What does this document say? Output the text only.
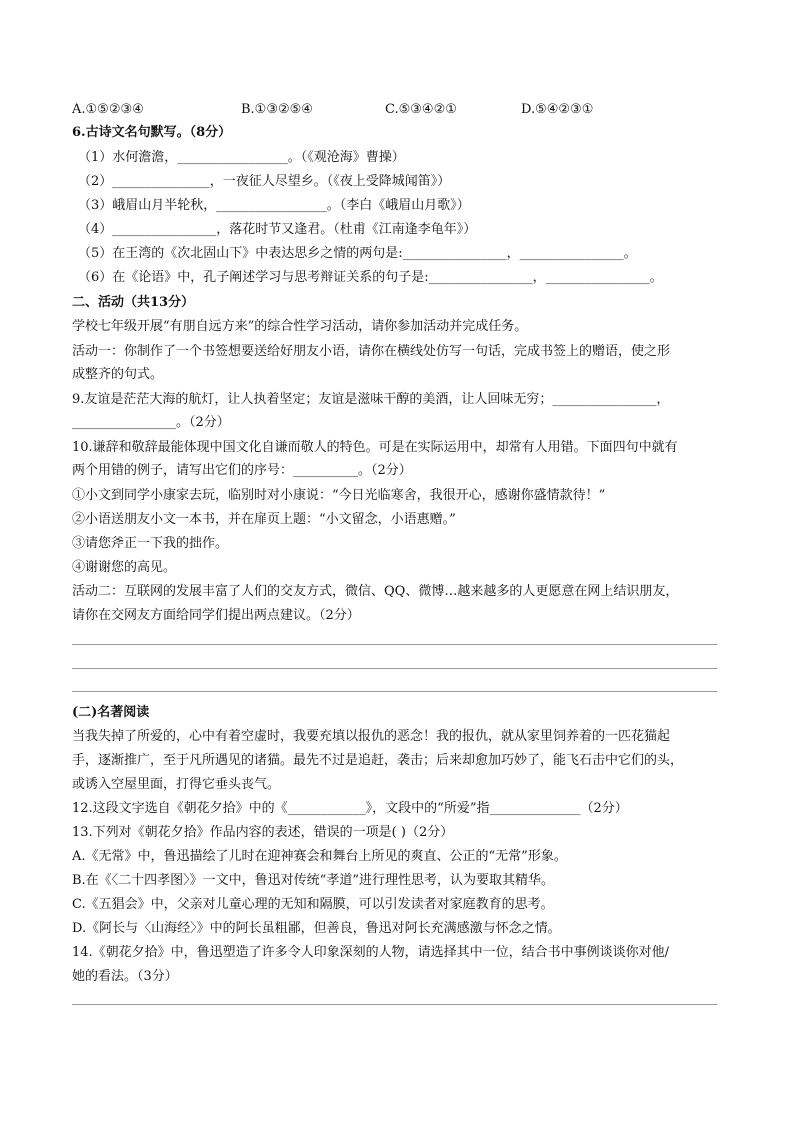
A.①⑤②③④	B.①③②⑤④	C.⑤③④②①	D.⑤④②③①
6.古诗文名句默写。（8分）
（1）水何澹澹，_________________。（《观沧海》曹操）
（2）_______________，一夜征人尽望乡。（《夜上受降城闻笛》）
（3）峨眉山月半轮秋，_________________。（李白《峨眉山月歌》）
（4）________________，落花时节又逢君。（杜甫《江南逢李龟年》）
（5）在王湾的《次北固山下》中表达思乡之情的两句是:________________，________________。
（6）在《论语》中，孔子阐述学习与思考辩证关系的句子是:________________，________________。
二、活动（共13分）
学校七年级开展“有朋自远方来”的综合性学习活动，请你参加活动并完成任务。
活动一：你制作了一个书签想要送给好朋友小语，请你在横线处仿写一句话，完成书签上的赠语，使之形
成整齐的句式。
9.友谊是茫茫大海的航灯，让人执着坚定；友谊是滋味干醇的美酒，让人回味无穷；________________，
________________。（2分）
10.谦辞和敬辞最能体现中国文化自谦而敬人的特色。可是在实际运用中，却常有人用错。下面四句中就有
两个用错的例子，请写出它们的序号：__________。（2分）
①小文到同学小康家去玩，临别时对小康说：“今日光临寒舍，我很开心，感谢你盛情款待！”
②小语送朋友小文一本书，并在扉页上题：“小文留念，小语惠赠。”
③请您斧正一下我的拙作。
④谢谢您的高见。
活动二：互联网的发展丰富了人们的交友方式，微信、QQ、微博…越来越多的人更愿意在网上结识朋友，
请你在交网友方面给同学们提出两点建议。（2分）
(二)名著阅读
当我失掉了所爱的，心中有着空虚时，我要充填以报仇的恶念！我的报仇，就从家里饲养着的一匹花猫起
手，逐渐推广，至于凡所遇见的诸猫。最先不过是追赶，袭击；后来却愈加巧妙了，能飞石击中它们的头，
或诱入空屋里面，打得它垂头丧气。
12.这段文字选自《朝花夕拾》中的《____________》，文段中的“所爱”指______________（2分）
13.下列对《朝花夕拾》作品内容的表述，错误的一项是( )（2分）
A.《无常》中，鲁迅描绘了儿时在迎神赛会和舞台上所见的爽直、公正的“无常”形象。
B.在《〈二十四孝图〉》一文中，鲁迅对传统“孝道”进行理性思考，认为要取其精华。
C.《五猖会》中，父亲对儿童心理的无知和隔膜，可以引发读者对家庭教育的思考。
D.《阿长与〈山海经〉》中的阿长虽粗鄙，但善良，鲁迅对阿长充满感激与怀念之情。
14.《朝花夕拾》中，鲁迅塑造了许多令人印象深刻的人物，请选择其中一位，结合书中事例谈谈你对他/
她的看法。（3分）
